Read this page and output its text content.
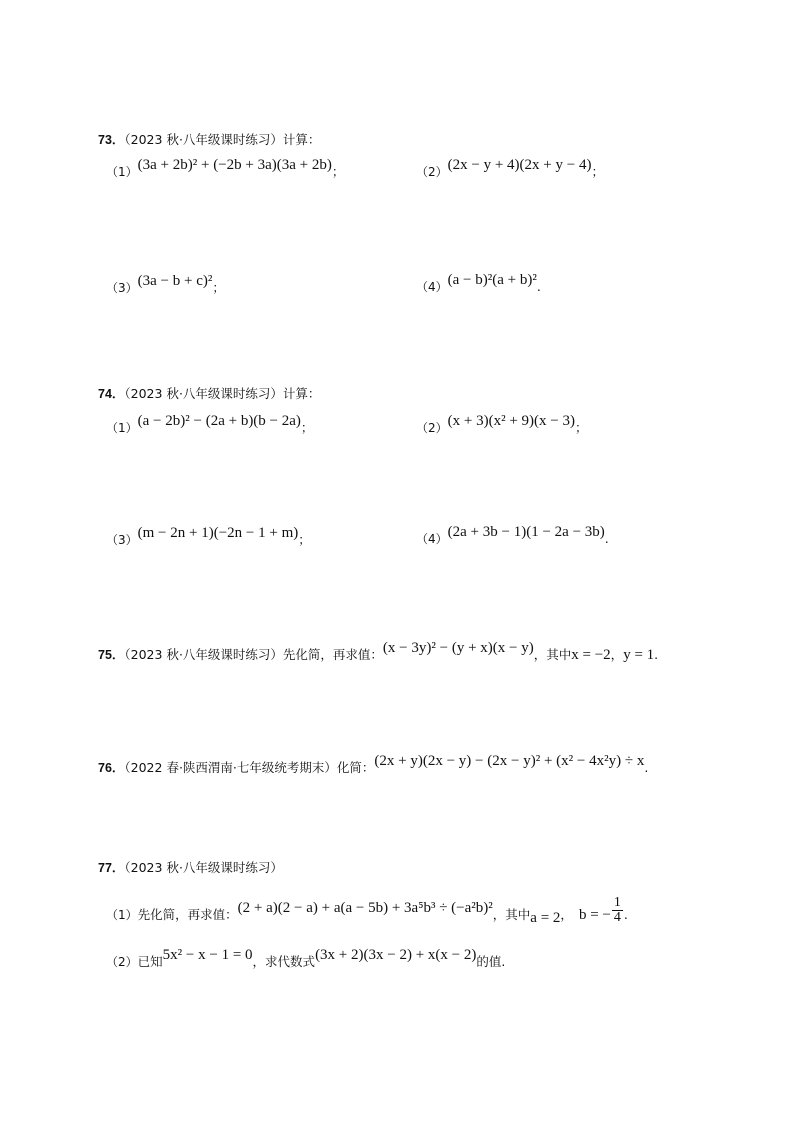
73．（2023 秋·八年级课时练习）计算：
（1）(3a + 2b)² + (−2b + 3a)(3a + 2b)；	（2）(2x − y + 4)(2x + y − 4)；
（3）(3a − b + c)²；	（4）(a − b)²(a + b)².
74．（2023 秋·八年级课时练习）计算：
（1）(a − 2b)² − (2a + b)(b − 2a)；	（2）(x + 3)(x² + 9)(x − 3)；
（3）(m − 2n + 1)(−2n − 1 + m)；	（4）(2a + 3b − 1)(1 − 2a − 3b).
75．（2023 秋·八年级课时练习）先化简，再求值：(x − 3y)² − (y + x)(x − y)，其中x = −2，y = 1.
76．（2022 春·陕西渭南·七年级统考期末）化简：(2x + y)(2x − y) − (2x − y)² + (x² − 4x²y) ÷ x.
77．（2023 秋·八年级课时练习）
（1）先化简，再求值：(2 + a)(2 − a) + a(a − 5b) + 3a⁵b³ ÷ (−a²b)²，其中a = 2， b = − $\frac{1}{4}$ .
（2）已知5x² − x − 1 = 0，求代数式(3x + 2)(3x − 2) + x(x − 2)的值.
